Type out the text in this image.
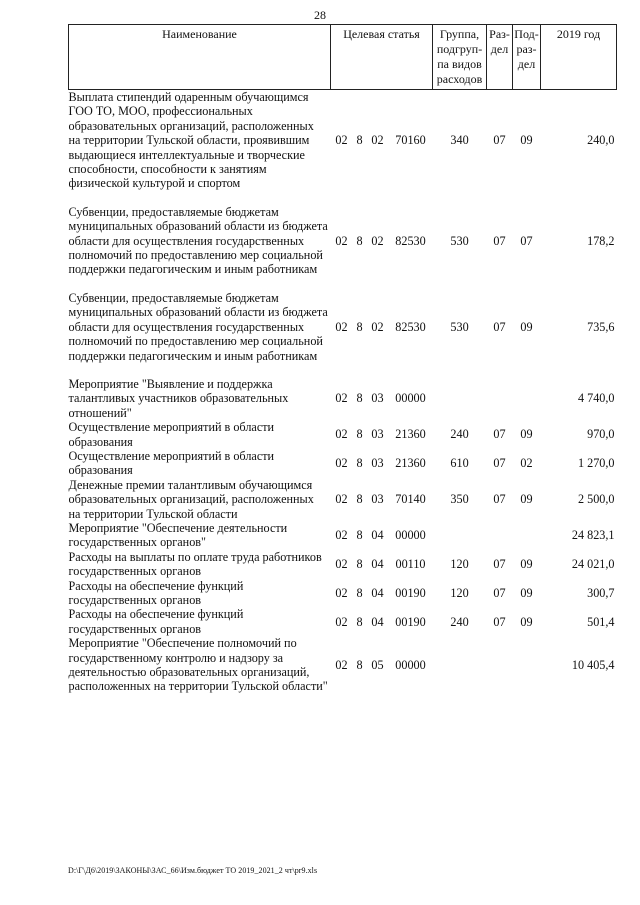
28
Наименование	Целевая статья				Группа, подгруп-па видов расходов	Раз-дел	Под-раз-дел	2019 год
Выплата стипендий одаренным обучающимся ГОО ТО, МОО, профессиональных образовательных организаций, расположенных на территории Тульской области, проявившим выдающиеся интеллектуальные и творческие способности, способности к занятиям физической культурой и спортом	02	8	02	70160	340	07	09	240,0

Субвенции, предоставляемые бюджетам муниципальных образований области из бюджета области для осуществления государственных полномочий по предоставлению мер социальной поддержки педагогическим и иным работникам	02	8	02	82530	530	07	07	178,2

Субвенции, предоставляемые бюджетам муниципальных образований области из бюджета области для осуществления государственных полномочий по предоставлению мер социальной поддержки педагогическим и иным работникам	02	8	02	82530	530	07	09	735,6

Мероприятие "Выявление и поддержка талантливых участников образовательных отношений"	02	8	03	00000				4 740,0
Осуществление мероприятий в области образования	02	8	03	21360	240	07	09	970,0
Осуществление мероприятий в области образования	02	8	03	21360	610	07	02	1 270,0
Денежные премии талантливым обучающимся образовательных организаций, расположенных на территории Тульской области	02	8	03	70140	350	07	09	2 500,0
Мероприятие "Обеспечение деятельности государственных органов"	02	8	04	00000				24 823,1
Расходы на выплаты по оплате труда работников государственных органов	02	8	04	00110	120	07	09	24 021,0
Расходы на обеспечение функций государственных органов	02	8	04	00190	120	07	09	300,7
Расходы на обеспечение функций государственных органов	02	8	04	00190	240	07	09	501,4
Мероприятие "Обеспечение полномочий по государственному контролю и надзору за деятельностью образовательных организаций, расположенных на территории Тульской области"	02	8	05	00000				10 405,4
D:\Г\Д6\2019\ЗАКОНЫ\ЗАС_66\Изм.бюджет ТО 2019_2021_2 чт\pr9.xls
